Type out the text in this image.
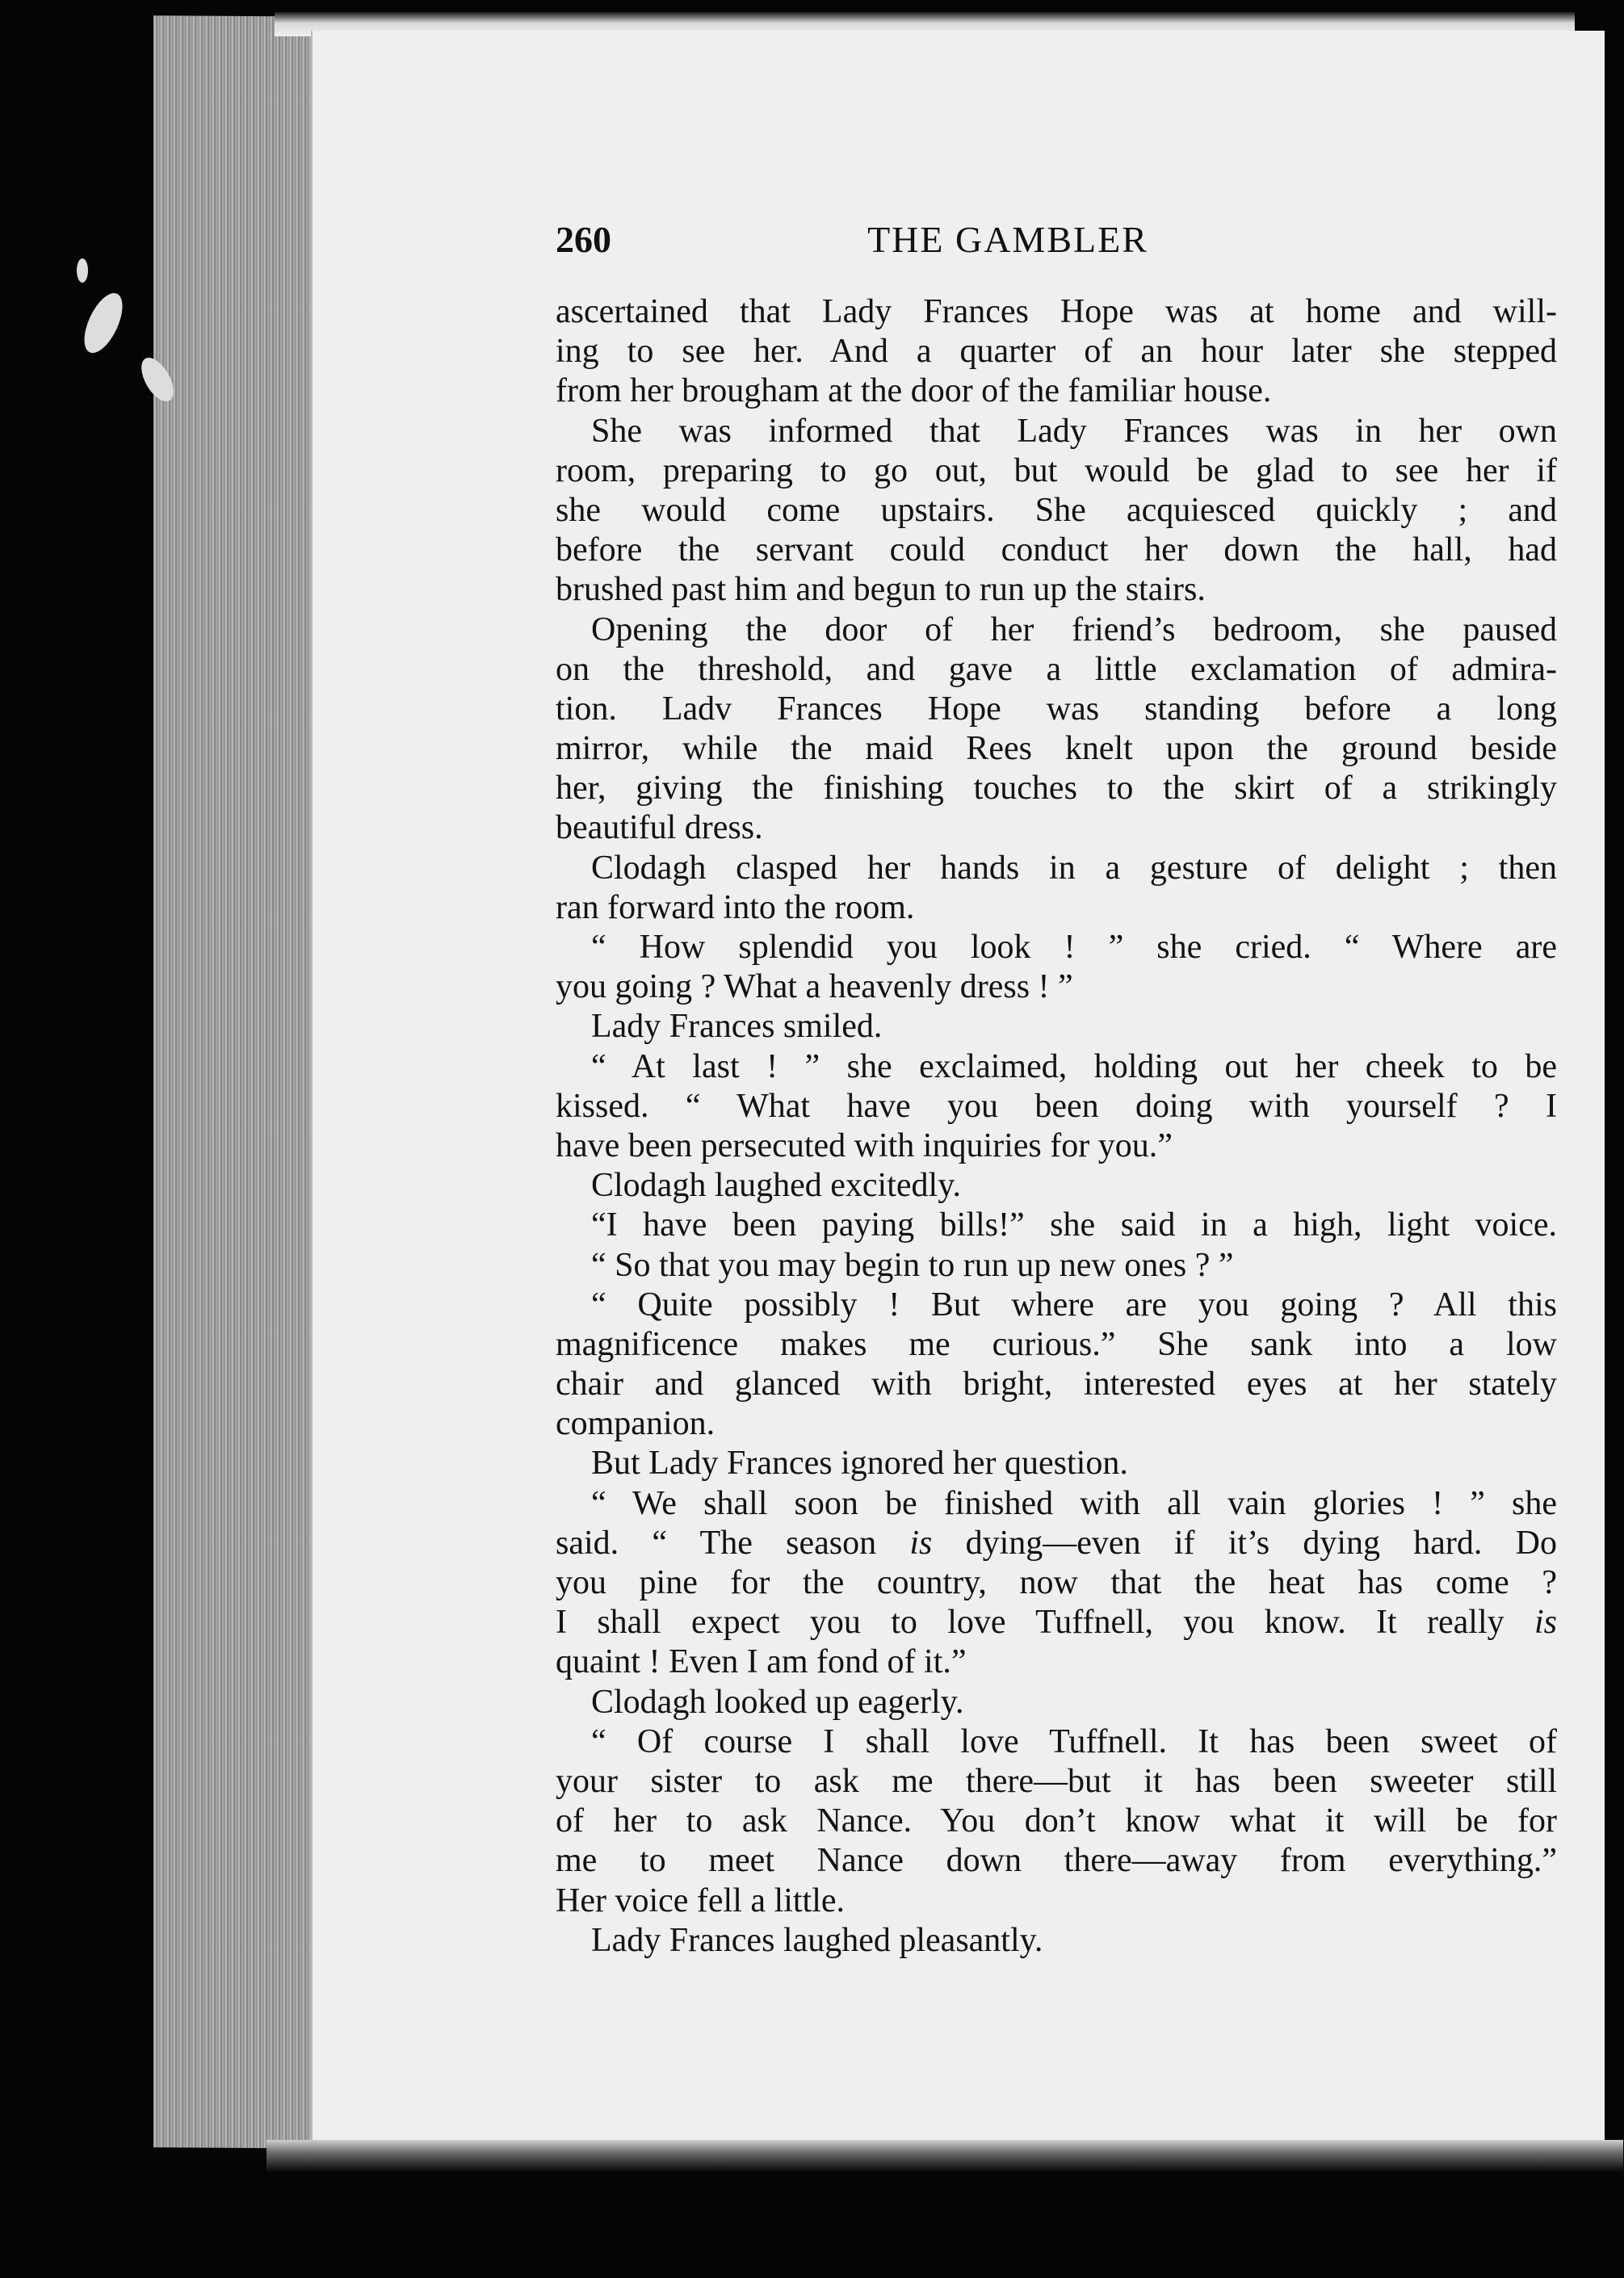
260	THE GAMBLER
ascertained that Lady Frances Hope was at home and will-
ing to see her. And a quarter of an hour later she stepped
from her brougham at the door of the familiar house.
She was informed that Lady Frances was in her own
room, preparing to go out, but would be glad to see her if
she would come upstairs. She acquiesced quickly ; and
before the servant could conduct her down the hall, had
brushed past him and begun to run up the stairs.
Opening the door of her friend’s bedroom, she paused
on the threshold, and gave a little exclamation of admira-
tion. Ladv Frances Hope was standing before a long
mirror, while the maid Rees knelt upon the ground beside
her, giving the finishing touches to the skirt of a strikingly
beautiful dress.
Clodagh clasped her hands in a gesture of delight ; then
ran forward into the room.
“ How splendid you look ! ” she cried. “ Where are
you going ? What a heavenly dress ! ”
Lady Frances smiled.
“ At last ! ” she exclaimed, holding out her cheek to be
kissed. “ What have you been doing with yourself ? I
have been persecuted with inquiries for you.”
Clodagh laughed excitedly.
“I have been paying bills!” she said in a high, light voice.
“ So that you may begin to run up new ones ? ”
“ Quite possibly ! But where are you going ? All this
magnificence makes me curious.” She sank into a low
chair and glanced with bright, interested eyes at her stately
companion.
But Lady Frances ignored her question.
“ We shall soon be finished with all vain glories ! ” she
said. “ The season is dying—even if it’s dying hard. Do
you pine for the country, now that the heat has come ?
I shall expect you to love Tuffnell, you know. It really is
quaint ! Even I am fond of it.”
Clodagh looked up eagerly.
“ Of course I shall love Tuffnell. It has been sweet of
your sister to ask me there—but it has been sweeter still
of her to ask Nance. You don’t know what it will be for
me to meet Nance down there—away from everything.”
Her voice fell a little.
Lady Frances laughed pleasantly.
